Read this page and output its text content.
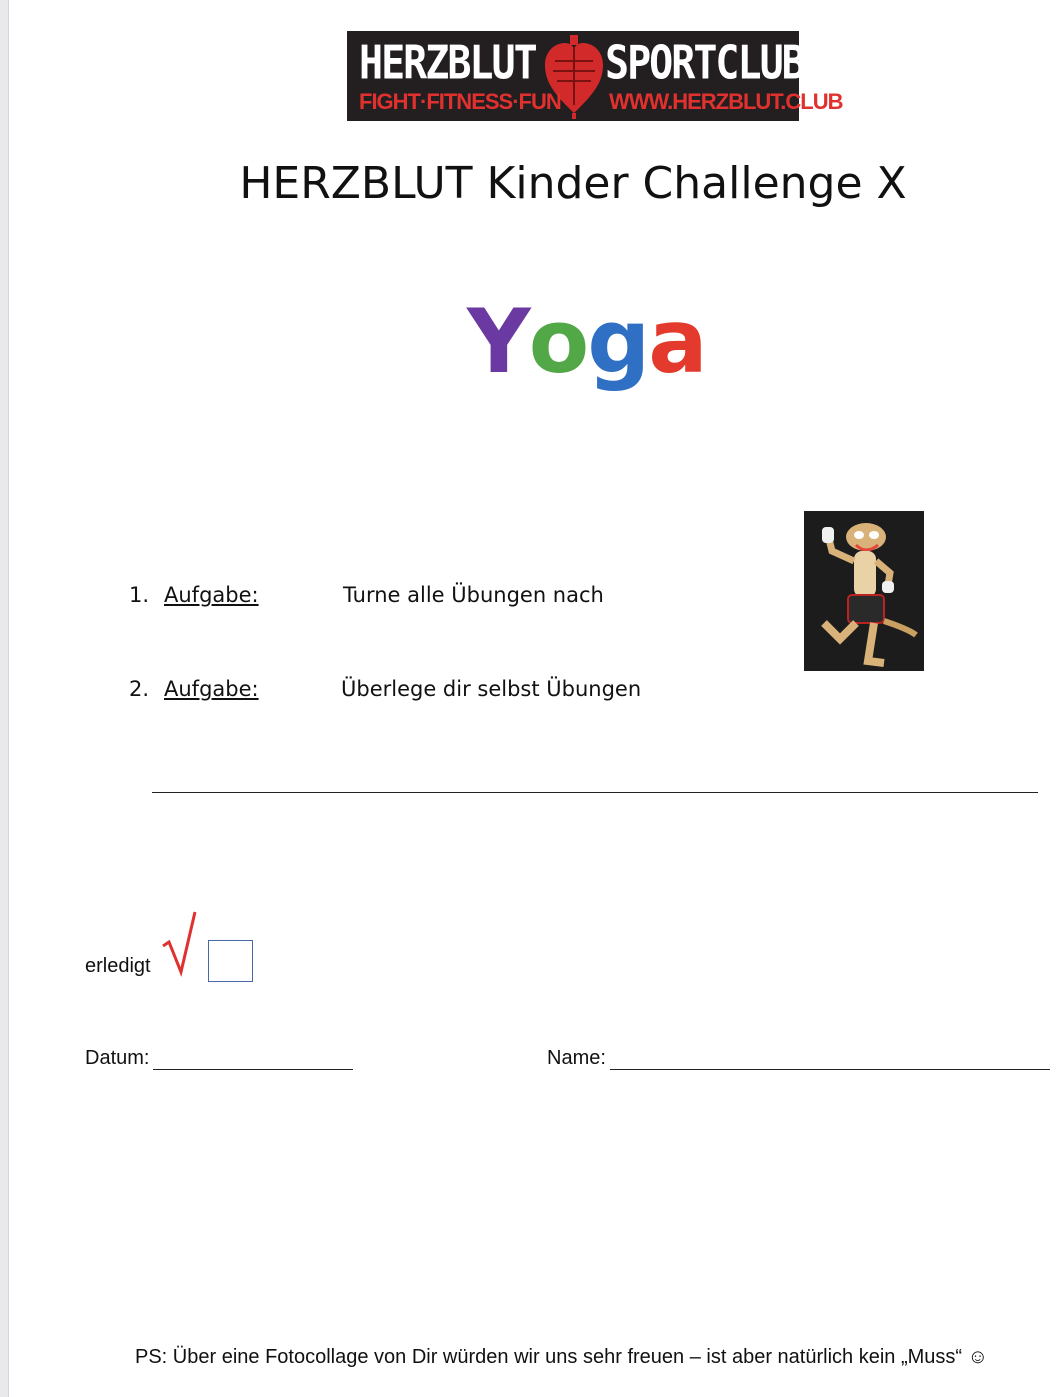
HERZBLUT SPORTCLUB
FIGHT·FITNESS·FUN WWW.HERZBLUT.CLUB
HERZBLUT Kinder Challenge X
Yoga
1. Aufgabe:	Turne alle Übungen nach
2. Aufgabe:	Überlege dir selbst Übungen
erledigt
Datum:	Name:
PS: Über eine Fotocollage von Dir würden wir uns sehr freuen – ist aber natürlich kein „Muss“ ☺
